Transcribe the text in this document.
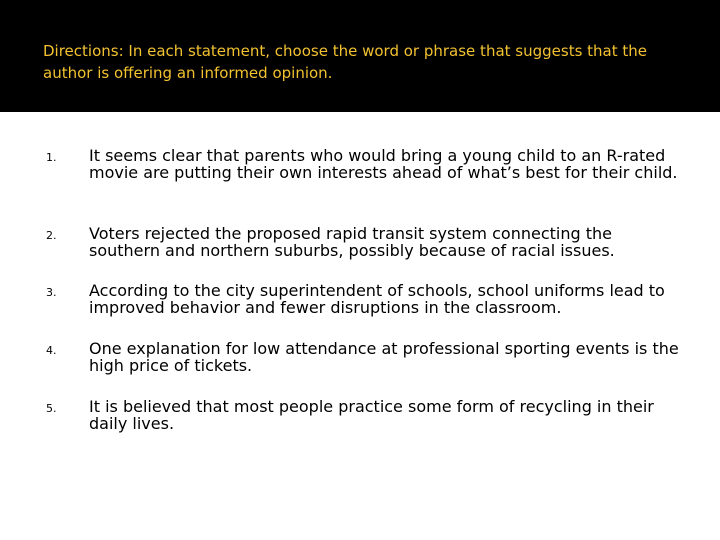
Directions: In each statement, choose the word or phrase that suggests that the author is offering an informed opinion.

1. It seems clear that parents who would bring a young child to an R-rated movie are putting their own interests ahead of what’s best for their child.

2. Voters rejected the proposed rapid transit system connecting the southern and northern suburbs, possibly because of racial issues.

3. According to the city superintendent of schools, school uniforms lead to improved behavior and fewer disruptions in the classroom.

4. One explanation for low attendance at professional sporting events is the high price of tickets.

5. It is believed that most people practice some form of recycling in their daily lives.
